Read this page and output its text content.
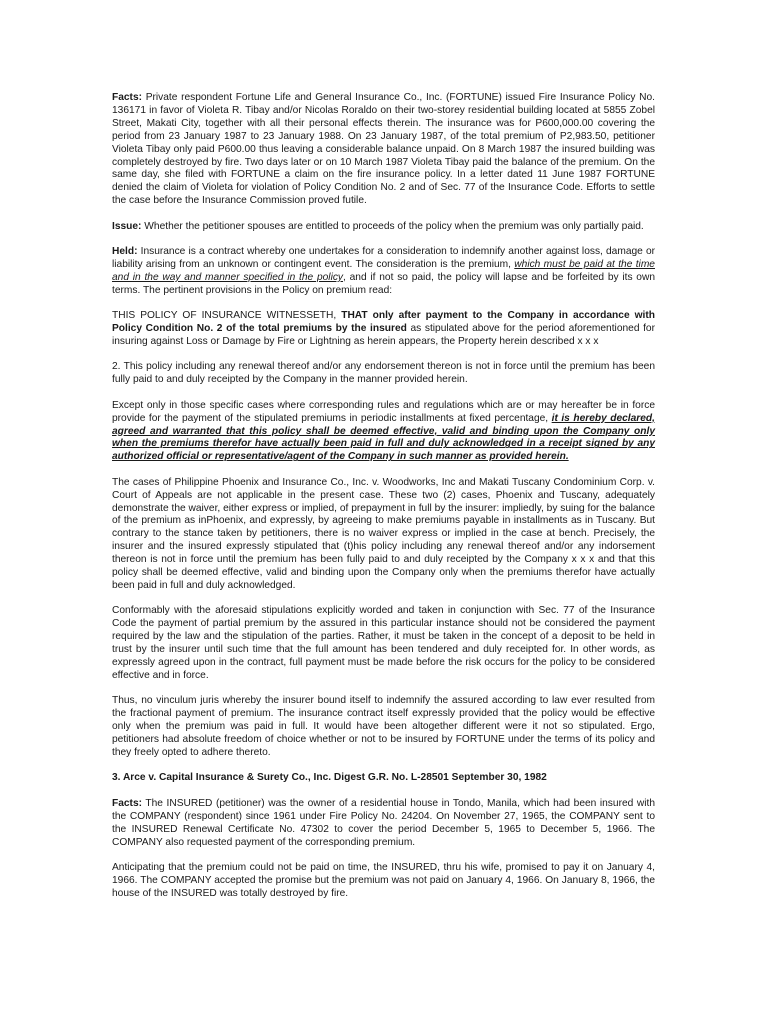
Facts: Private respondent Fortune Life and General Insurance Co., Inc. (FORTUNE) issued Fire Insurance Policy No. 136171 in favor of Violeta R. Tibay and/or Nicolas Roraldo on their two-storey residential building located at 5855 Zobel Street, Makati City, together with all their personal effects therein. The insurance was for P600,000.00 covering the period from 23 January 1987 to 23 January 1988. On 23 January 1987, of the total premium of P2,983.50, petitioner Violeta Tibay only paid P600.00 thus leaving a considerable balance unpaid. On 8 March 1987 the insured building was completely destroyed by fire. Two days later or on 10 March 1987 Violeta Tibay paid the balance of the premium. On the same day, she filed with FORTUNE a claim on the fire insurance policy. In a letter dated 11 June 1987 FORTUNE denied the claim of Violeta for violation of Policy Condition No. 2 and of Sec. 77 of the Insurance Code. Efforts to settle the case before the Insurance Commission proved futile.

Issue: Whether the petitioner spouses are entitled to proceeds of the policy when the premium was only partially paid.

Held: Insurance is a contract whereby one undertakes for a consideration to indemnify another against loss, damage or liability arising from an unknown or contingent event. The consideration is the premium, which must be paid at the time and in the way and manner specified in the policy, and if not so paid, the policy will lapse and be forfeited by its own terms. The pertinent provisions in the Policy on premium read:

THIS POLICY OF INSURANCE WITNESSETH, THAT only after payment to the Company in accordance with Policy Condition No. 2 of the total premiums by the insured as stipulated above for the period aforementioned for insuring against Loss or Damage by Fire or Lightning as herein appears, the Property herein described x x x

2. This policy including any renewal thereof and/or any endorsement thereon is not in force until the premium has been fully paid to and duly receipted by the Company in the manner provided herein.

Except only in those specific cases where corresponding rules and regulations which are or may hereafter be in force provide for the payment of the stipulated premiums in periodic installments at fixed percentage, it is hereby declared, agreed and warranted that this policy shall be deemed effective, valid and binding upon the Company only when the premiums therefor have actually been paid in full and duly acknowledged in a receipt signed by any authorized official or representative/agent of the Company in such manner as provided herein.

The cases of Philippine Phoenix and Insurance Co., Inc. v. Woodworks, Inc and Makati Tuscany Condominium Corp. v. Court of Appeals are not applicable in the present case. These two (2) cases, Phoenix and Tuscany, adequately demonstrate the waiver, either express or implied, of prepayment in full by the insurer: impliedly, by suing for the balance of the premium as inPhoenix, and expressly, by agreeing to make premiums payable in installments as in Tuscany. But contrary to the stance taken by petitioners, there is no waiver express or implied in the case at bench. Precisely, the insurer and the insured expressly stipulated that (t)his policy including any renewal thereof and/or any indorsement thereon is not in force until the premium has been fully paid to and duly receipted by the Company x x x and that this policy shall be deemed effective, valid and binding upon the Company only when the premiums therefor have actually been paid in full and duly acknowledged.

Conformably with the aforesaid stipulations explicitly worded and taken in conjunction with Sec. 77 of the Insurance Code the payment of partial premium by the assured in this particular instance should not be considered the payment required by the law and the stipulation of the parties. Rather, it must be taken in the concept of a deposit to be held in trust by the insurer until such time that the full amount has been tendered and duly receipted for. In other words, as expressly agreed upon in the contract, full payment must be made before the risk occurs for the policy to be considered effective and in force.

Thus, no vinculum juris whereby the insurer bound itself to indemnify the assured according to law ever resulted from the fractional payment of premium. The insurance contract itself expressly provided that the policy would be effective only when the premium was paid in full. It would have been altogether different were it not so stipulated. Ergo, petitioners had absolute freedom of choice whether or not to be insured by FORTUNE under the terms of its policy and they freely opted to adhere thereto.

3. Arce v. Capital Insurance & Surety Co., Inc. Digest G.R. No. L-28501 September 30, 1982

Facts: The INSURED (petitioner) was the owner of a residential house in Tondo, Manila, which had been insured with the COMPANY (respondent) since 1961 under Fire Policy No. 24204. On November 27, 1965, the COMPANY sent to the INSURED Renewal Certificate No. 47302 to cover the period December 5, 1965 to December 5, 1966. The COMPANY also requested payment of the corresponding premium.

Anticipating that the premium could not be paid on time, the INSURED, thru his wife, promised to pay it on January 4, 1966. The COMPANY accepted the promise but the premium was not paid on January 4, 1966. On January 8, 1966, the house of the INSURED was totally destroyed by fire.
